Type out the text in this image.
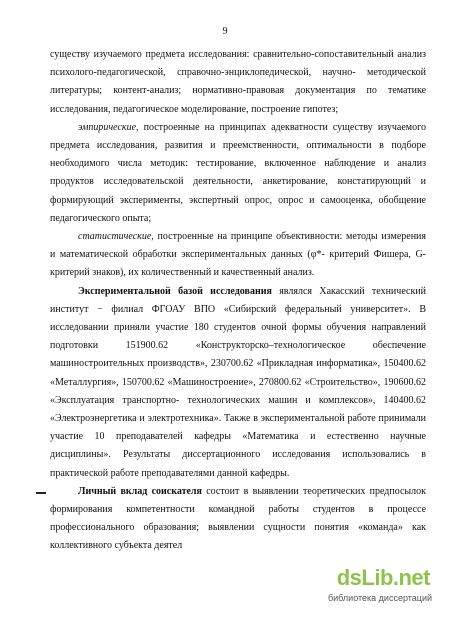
9

существу изучаемого предмета исследования: сравнительно-сопоставительный анализ психолого-педагогической, справочно-энциклопедической, научно- методической литературы; контент-анализ; нормативно-правовая документация по тематике исследования, педагогическое моделирование, построение гипотез;

эмпирические, построенные на принципах адекватности существу изучаемого предмета исследования, развития и преемственности, оптимальности в подборе необходимого числа методик: тестирование, включенное наблюдение и анализ продуктов исследовательской деятельности, анкетирование, констатирующий и формирующий эксперименты, экспертный опрос, опрос и самооценка, обобщение педагогического опыта;

статистические, построенные на принципе объективности: методы измерения и математической обработки экспериментальных данных (φ*- критерий Фишера, G- критерий знаков), их количественный и качественный анализ.

Экспериментальной базой исследования являлся Хакасский технический институт − филиал ФГОАУ ВПО «Сибирский федеральный университет». В исследовании приняли участие 180 студентов очной формы обучения направлений подготовки 151900.62 «Конструкторско–технологическое	обеспечение машиностроительных производств», 230700.62 «Прикладная информатика», 150400.62 «Металлургия», 150700.62 «Машиностроение», 270800.62 «Строительство», 190600.62 «Эксплуатация транспортно- технологических машин и комплексов», 140400.62 «Электроэнергетика и электротехника». Также в экспериментальной работе принимали участие 10 преподавателей кафедры «Математика и естественно научные дисциплины». Результаты диссертационного исследования использовались в практической работе преподавателями данной кафедры.

Личный вклад соискателя состоит в выявлении теоретических предпосылок формирования компетентности командной работы студентов в процессе профессионального образования; выявлении сущности понятия «команда» как коллективного субъекта деятел

dsLib.net
библиотека диссертаций
